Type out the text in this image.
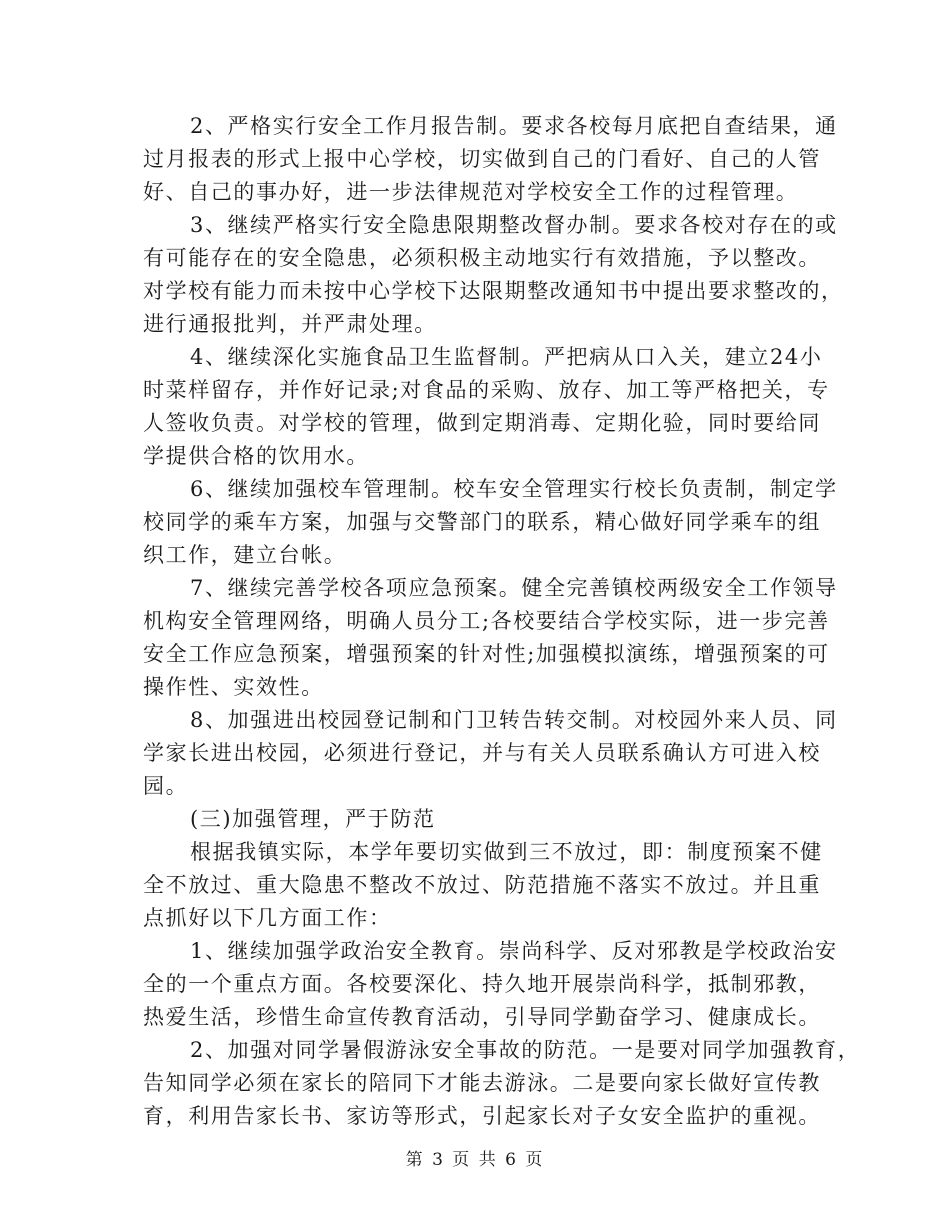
2、严格实行安全工作月报告制。要求各校每月底把自查结果，通
过月报表的形式上报中心学校，切实做到自己的门看好、自己的人管
好、自己的事办好，进一步法律规范对学校安全工作的过程管理。
3、继续严格实行安全隐患限期整改督办制。要求各校对存在的或
有可能存在的安全隐患，必须积极主动地实行有效措施，予以整改。
对学校有能力而未按中心学校下达限期整改通知书中提出要求整改的，
进行通报批判，并严肃处理。
4、继续深化实施食品卫生监督制。严把病从口入关，建立24小
时菜样留存，并作好记录;对食品的采购、放存、加工等严格把关，专
人签收负责。对学校的管理，做到定期消毒、定期化验，同时要给同
学提供合格的饮用水。
6、继续加强校车管理制。校车安全管理实行校长负责制，制定学
校同学的乘车方案，加强与交警部门的联系，精心做好同学乘车的组
织工作，建立台帐。
7、继续完善学校各项应急预案。健全完善镇校两级安全工作领导
机构安全管理网络，明确人员分工;各校要结合学校实际，进一步完善
安全工作应急预案，增强预案的针对性;加强模拟演练，增强预案的可
操作性、实效性。
8、加强进出校园登记制和门卫转告转交制。对校园外来人员、同
学家长进出校园，必须进行登记，并与有关人员联系确认方可进入校
园。
(三)加强管理，严于防范
根据我镇实际，本学年要切实做到三不放过，即：制度预案不健
全不放过、重大隐患不整改不放过、防范措施不落实不放过。并且重
点抓好以下几方面工作：
1、继续加强学政治安全教育。崇尚科学、反对邪教是学校政治安
全的一个重点方面。各校要深化、持久地开展崇尚科学，抵制邪教，
热爱生活，珍惜生命宣传教育活动，引导同学勤奋学习、健康成长。
2、加强对同学暑假游泳安全事故的防范。一是要对同学加强教育，
告知同学必须在家长的陪同下才能去游泳。二是要向家长做好宣传教
育，利用告家长书、家访等形式，引起家长对子女安全监护的重视。
第 3 页 共 6 页
